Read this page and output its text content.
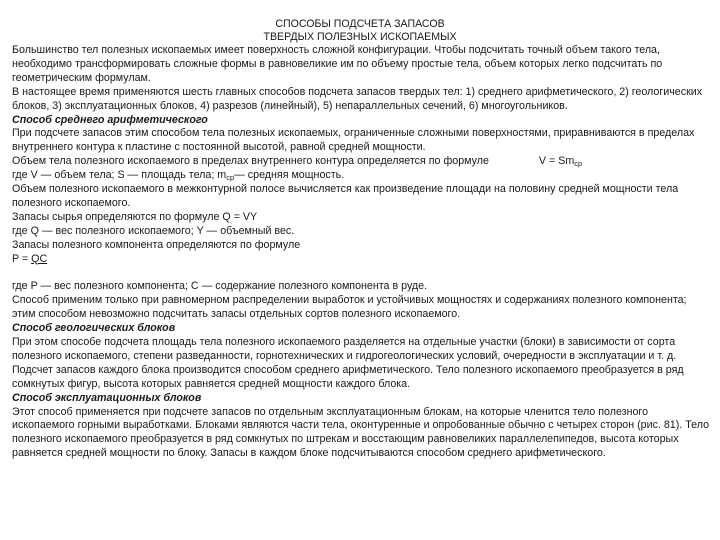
СПОСОБЫ ПОДСЧЕТА ЗАПАСОВ
ТВЕРДЫХ ПОЛЕЗНЫХ ИСКОПАЕМЫХ

Большинство тел полезных ископаемых имеет поверхность сложной конфигурации. Чтобы подсчитать точный объем такого тела, необходимо трансформировать сложные формы в равновеликие им по объему простые тела, объем которых легко подсчитать по геометрическим формулам.

В настоящее время применяются шесть главных способов подсчета запасов твердых тел: 1) среднего арифметического, 2) геологических блоков, 3) эксплуатационных блоков, 4) разрезов (линейный), 5) непараллельных сечений, 6) многоугольников.

Способ среднего арифметического

При подсчете запасов этим способом тела полезных ископаемых, ограниченные сложными поверхностями, приравниваются в пределах внутреннего контура к пластине с постоянной высотой, равной средней мощности.

Объем тела полезного ископаемого в пределах внутреннего контура определяется по формуле	$V = Sm_{ср}$

где V — объем тела; S — площадь тела; $m_{ср}—$ средняя мощность.

Объем полезного ископаемого в межконтурной полосе вычисляется как произведение площади на половину средней мощности тела полезного ископаемого.

Запасы сырья определяются по формуле Q = VY

где Q — вес полезного ископаемого; Y — объемный вес.

Запасы полезного компонента определяются по формуле

P = QC

где P — вес полезного компонента; C — содержание полезного компонента в руде.

Способ применим только при равномерном распределении выработок и устойчивых мощностях и содержаниях полезного компонента; этим способом невозможно подсчитать запасы отдельных сортов полезного ископаемого.

Способ геологических блоков

При этом способе подсчета площадь тела полезного ископаемого разделяется на отдельные участки (блоки) в зависимости от сорта полезного ископаемого, степени разведанности, горнотехнических и гидрогеологических условий, очередности в эксплуатации и т. д. Подсчет запасов каждого блока производится способом среднего арифметического. Тело полезного ископаемого преобразуется в ряд сомкнутых фигур, высота которых равняется средней мощности каждого блока.

Способ эксплуатационных блоков

Этот способ применяется при подсчете запасов по отдельным эксплуатационным блокам, на которые членится тело полезного ископаемого горными выработками. Блоками являются части тела, оконтуренные и опробованные обычно с четырех сторон (рис. 81). Тело полезного ископаемого преобразуется в ряд сомкнутых по штрекам и восстающим равновеликих параллелепипедов, высота которых равняется средней мощности по блоку. Запасы в каждом блоке подсчитываются способом среднего арифметического.
